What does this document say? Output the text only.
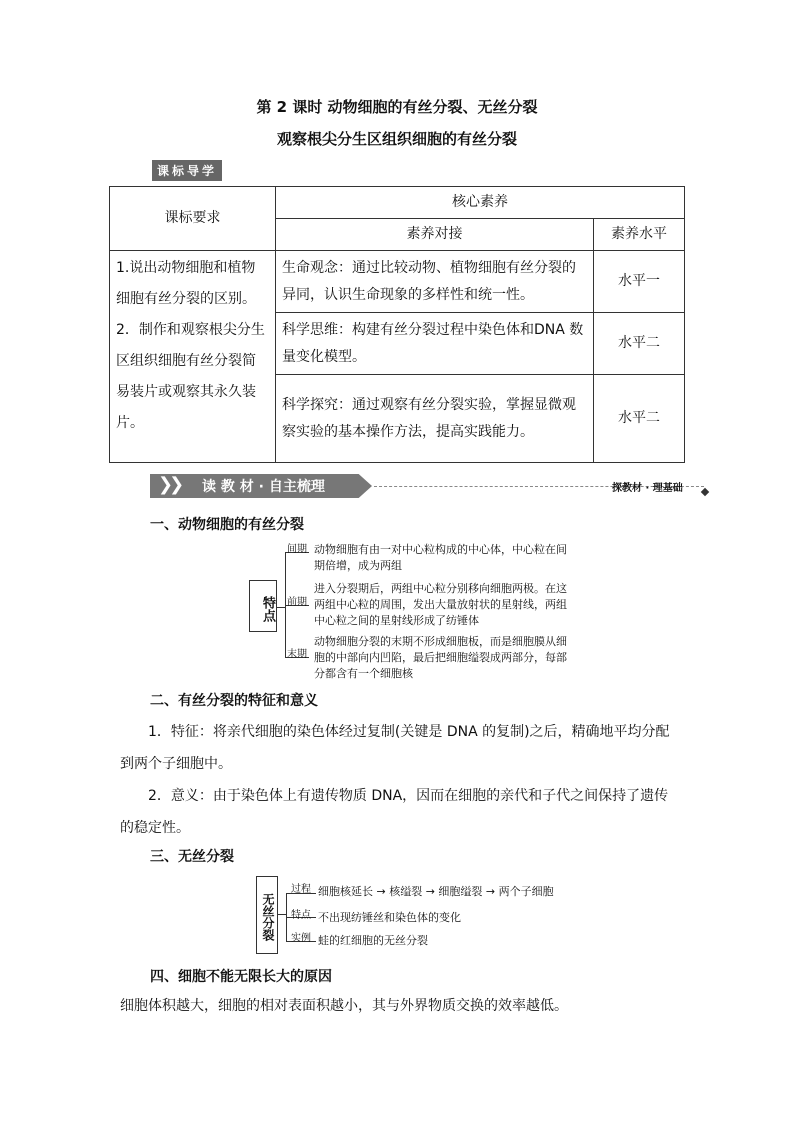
第 2 课时 动物细胞的有丝分裂、无丝分裂
观察根尖分生区组织细胞的有丝分裂
课标导学
课标要求	核心素养	
	素养对接	素养水平
1.说出动物细胞和植物细胞有丝分裂的区别。
2．制作和观察根尖分生区组织细胞有丝分裂简易装片或观察其永久装片。	生命观念：通过比较动物、植物细胞有丝分裂的异同，认识生命现象的多样性和统一性。	水平一
	科学思维：构建有丝分裂过程中染色体和DNA 数量变化模型。	水平二
	科学探究：通过观察有丝分裂实验，掌握显微观察实验的基本操作方法，提高实践能力。	水平二
❯❯ 读 教 材 · 自主梳理	探教材 · 理基础
一、动物细胞的有丝分裂
特点
间期 动物细胞有由一对中心粒构成的中心体，中心粒在间期倍增，成为两组
前期
进入分裂期后，两组中心粒分别移向细胞两极。在这两组中心粒的周围，发出大量放射状的星射线，两组中心粒之间的星射线形成了纺锤体
末期
动物细胞分裂的末期不形成细胞板，而是细胞膜从细胞的中部向内凹陷，最后把细胞缢裂成两部分，每部分都含有一个细胞核
二、有丝分裂的特征和意义
1．特征：将亲代细胞的染色体经过复制(关键是 DNA 的复制)之后，精确地平均分配到两个子细胞中。
2．意义：由于染色体上有遗传物质 DNA，因而在细胞的亲代和子代之间保持了遗传的稳定性。
三、无丝分裂
无丝分裂
过程 细胞核延长 → 核缢裂 → 细胞缢裂 → 两个子细胞
特点 不出现纺锤丝和染色体的变化
实例 蛙的红细胞的无丝分裂
四、细胞不能无限长大的原因
细胞体积越大，细胞的相对表面积越小，其与外界物质交换的效率越低。
